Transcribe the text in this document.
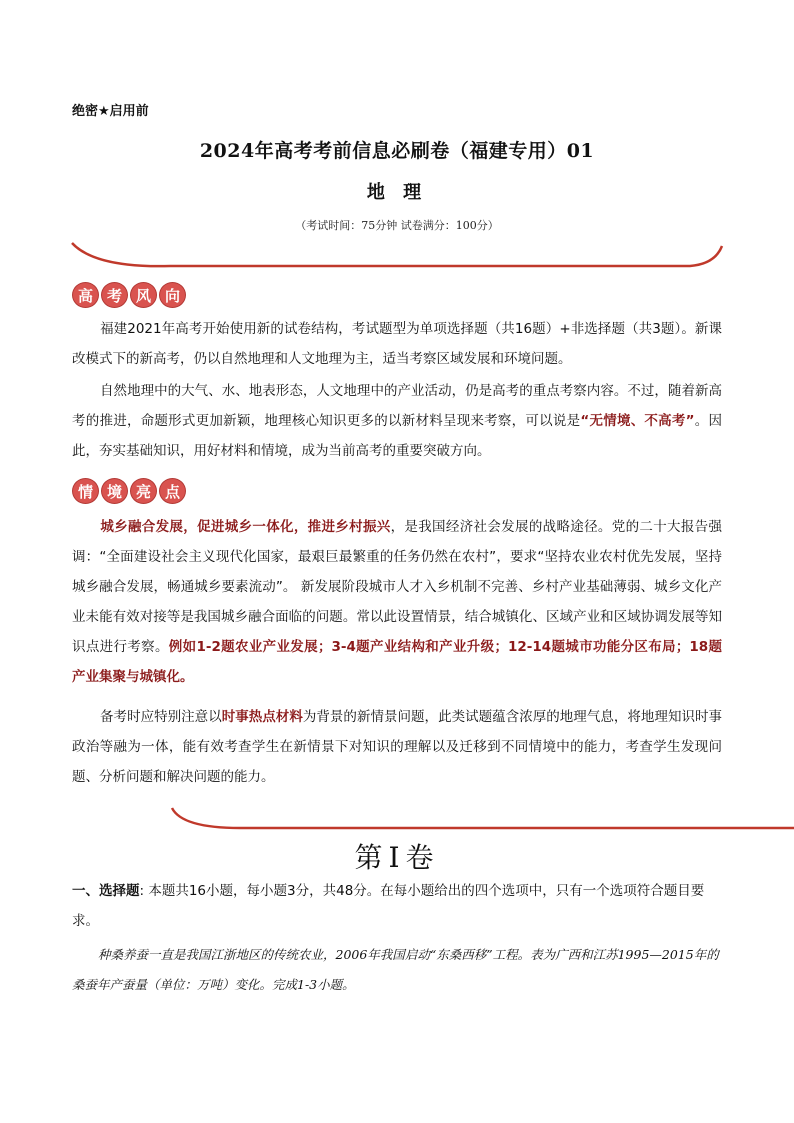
绝密★启用前
2024年高考考前信息必刷卷（福建专用）01
地 理
（考试时间：75分钟 试卷满分：100分）
高 考 风 向
福建2021年高考开始使用新的试卷结构，考试题型为单项选择题（共16题）+非选择题（共3题）。新课改模式下的新高考，仍以自然地理和人文地理为主，适当考察区域发展和环境问题。
自然地理中的大气、水、地表形态，人文地理中的产业活动，仍是高考的重点考察内容。不过，随着新高考的推进，命题形式更加新颖，地理核心知识更多的以新材料呈现来考察，可以说是“无情境、不高考”。因此，夯实基础知识，用好材料和情境，成为当前高考的重要突破方向。
情 境 亮 点
城乡融合发展，促进城乡一体化，推进乡村振兴，是我国经济社会发展的战略途径。党的二十大报告强调：“全面建设社会主义现代化国家，最艰巨最繁重的任务仍然在农村”，要求“坚持农业农村优先发展，坚持城乡融合发展，畅通城乡要素流动”。 新发展阶段城市人才入乡机制不完善、乡村产业基础薄弱、城乡文化产业未能有效对接等是我国城乡融合面临的问题。常以此设置情景，结合城镇化、区域产业和区域协调发展等知识点进行考察。例如1-2题农业产业发展；3-4题产业结构和产业升级；12-14题城市功能分区布局；18题产业集聚与城镇化。
备考时应特别注意以时事热点材料为背景的新情景问题，此类试题蕴含浓厚的地理气息，将地理知识时事政治等融为一体，能有效考查学生在新情景下对知识的理解以及迁移到不同情境中的能力，考查学生发现问题、分析问题和解决问题的能力。
第Ⅰ卷
一、选择题: 本题共16小题，每小题3分，共48分。在每小题给出的四个选项中，只有一个选项符合题目要求。
种桑养蚕一直是我国江浙地区的传统农业，2006年我国启动“东桑西移”工程。表为广西和江苏1995—2015年的桑蚕年产蚕量（单位：万吨）变化。完成1-3小题。
